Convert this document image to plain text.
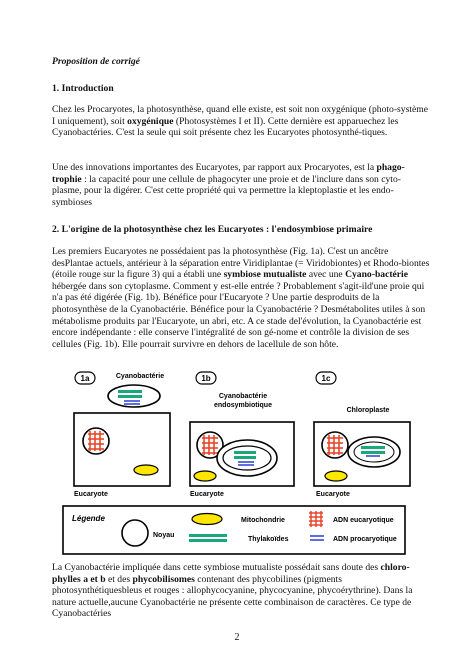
Proposition de corrigé

1. Introduction

Chez les Procaryotes, la photosynthèse, quand elle existe, est soit non oxygénique (photo-système I uniquement), soit oxygénique (Photosystèmes I et II). Cette dernière est apparuechez les Cyanobactéries. C'est la seule qui soit présente chez les Eucaryotes photosynthé-tiques.
Une des innovations importantes des Eucaryotes, par rapport aux Procaryotes, est la phago-trophie : la capacité pour une cellule de phagocyter une proie et de l'inclure dans son cyto-plasme, pour la digérer. C'est cette propriété qui va permettre la kleptoplastie et les endo-symbioses

2. L'origine de la photosynthèse chez les Eucaryotes : l'endosymbiose primaire

Les premiers Eucaryotes ne possédaient pas la photosynthèse (Fig. 1a). C'est un ancêtre desPlantae actuels, antérieur à la séparation entre Viridiplantae (= Viridobiontes) et Rhodo-biontes (étoile rouge sur la figure 3) qui a établi une symbiose mutualiste avec une Cyano-bactérie hébergée dans son cytoplasme. Comment y est-elle entrée ? Probablement s'agit-ild'une proie qui n'a pas été digérée (Fig. 1b). Bénéfice pour l'Eucaryote ? Une partie desproduits de la photosynthèse de la Cyanobactérie. Bénéfice pour la Cyanobactérie ? Desmétabolites utiles à son métabolisme produits par l'Eucaryote, un abri, etc. A ce stade del'évolution, la Cyanobactérie est encore indépendante : elle conserve l'intégralité de son gé-nome et contrôle la division de ses cellules (Fig. 1b). Elle pourrait survivre en dehors de lacellule de son hôte.
1a	Cyanobactérie
Eucaryote
1b
Cyanobactérie
endosymbiotique
Eucaryote
1c
Chloroplaste
Eucaryote
Légende
Noyau
Mitochondrie
Thylakoïdes
ADN eucaryotique
ADN procaryotique
La Cyanobactérie impliquée dans cette symbiose mutualiste possédait sans doute des chloro-phylles a et b et des phycobilisomes contenant des phycobilines (pigments photosynthétiquesbleus et rouges : allophycocyanine, phycocyanine, phycoérythrine). Dans la nature actuelle,aucune Cyanobactérie ne présente cette combinaison de caractères. Ce type de Cyanobactéries
2
